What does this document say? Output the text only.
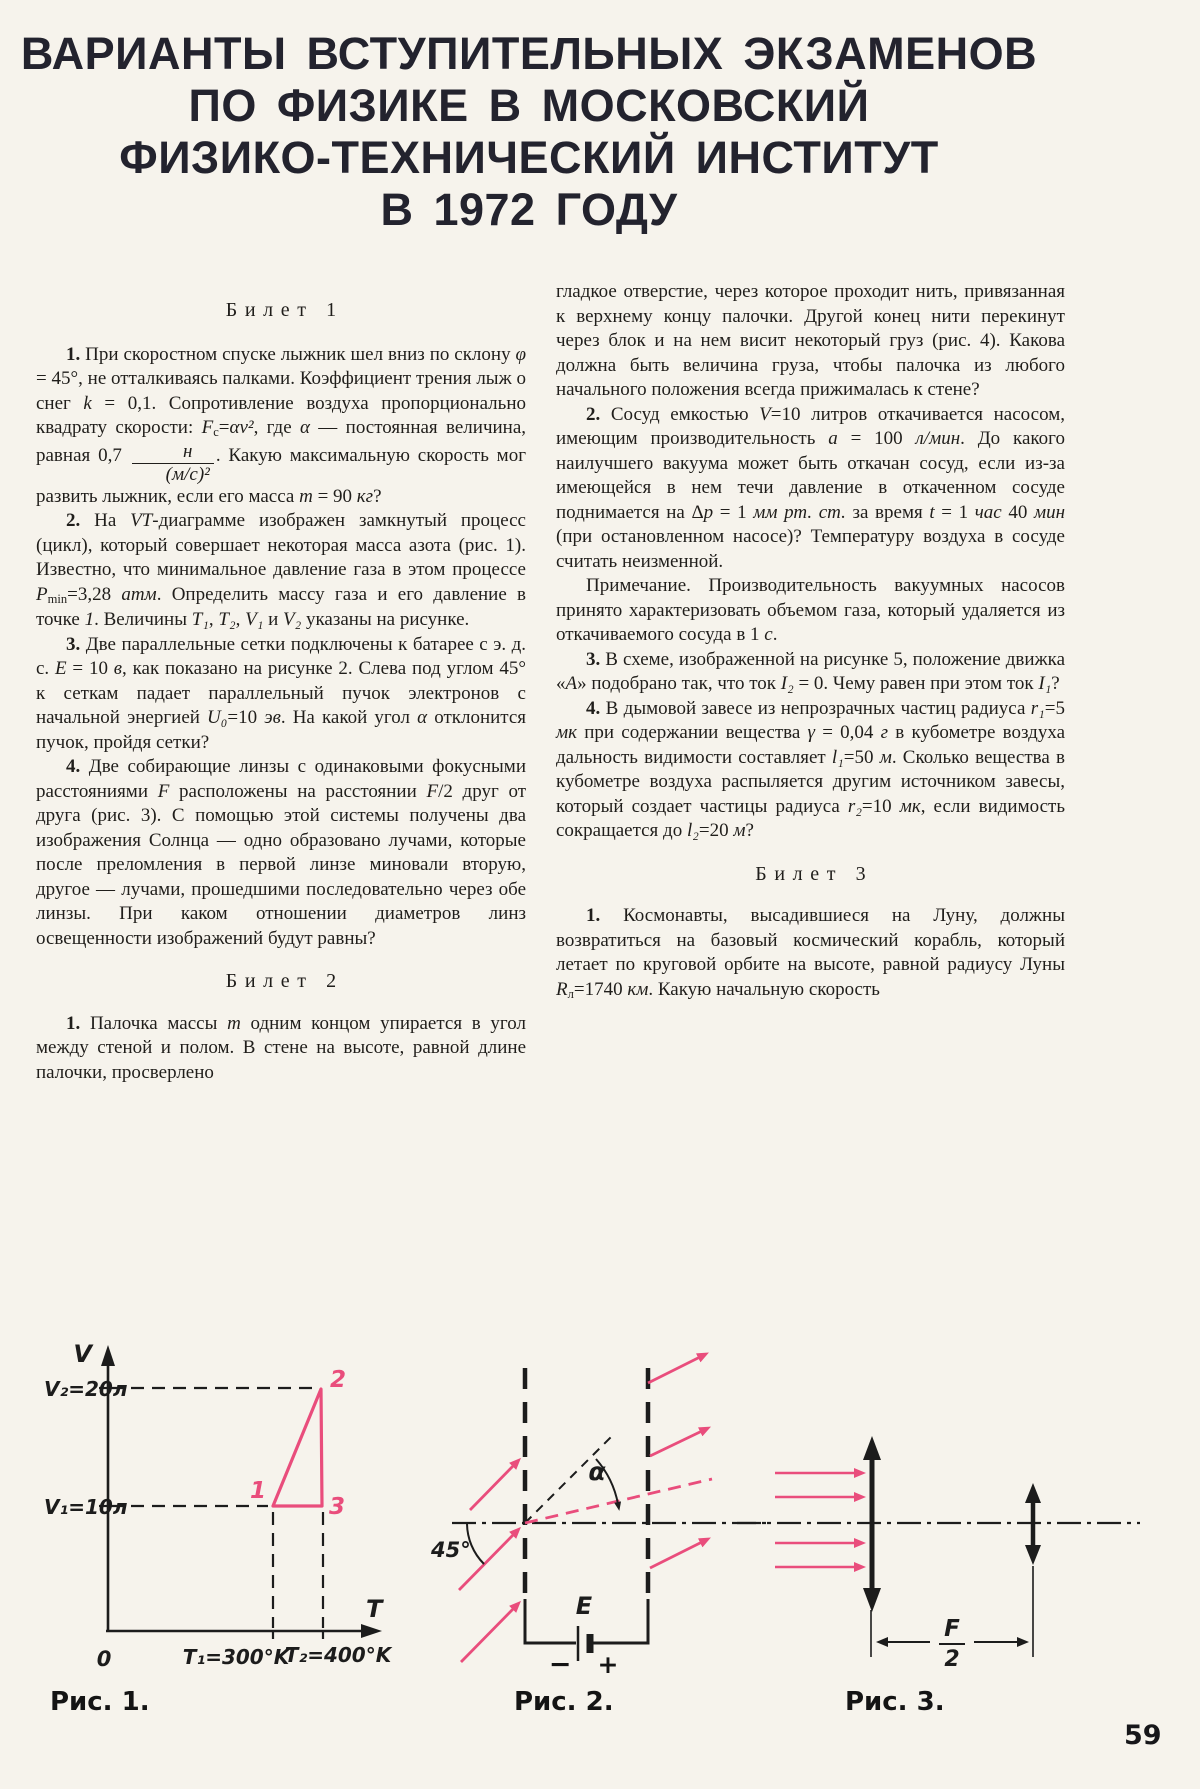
ВАРИАНТЫ ВСТУПИТЕЛЬНЫХ ЭКЗАМЕНОВ
ПО ФИЗИКЕ В МОСКОВСКИЙ
ФИЗИКО-ТЕХНИЧЕСКИЙ ИНСТИТУТ
В 1972 ГОДУ
Билет 1

1. При скоростном спуске лыжник шел вниз по склону φ = 45°, не отталкиваясь палками. Коэффициент трения лыж о снег k = 0,1. Сопротивление воздуха пропорционально квадрату скорости: Fс=αv², где α — постоянная величина, равная $0,7 \frac{н}{\text{(м/с)²}}$ . Какую максимальную скорость мог развить лыжник, если его масса m = 90 кг?

2. На VT-диаграмме изображен замкнутый процесс (цикл), который совершает некоторая масса азота (рис. 1). Известно, что минимальное давление газа в этом процессе Pmin=3,28 атм. Определить массу газа и его давление в точке 1. Величины T₁, T₂, V₁ и V₂ указаны на рисунке.

3. Две параллельные сетки подключены к батарее с э. д. с. E = 10 в, как показано на рисунке 2. Слева под углом 45° к сеткам падает параллельный пучок электронов с начальной энергией U₀=10 эв. На какой угол α отклонится пучок, пройдя сетки?

4. Две собирающие линзы с одинаковыми фокусными расстояниями F расположены на расстоянии F/2 друг от друга (рис. 3). С помощью этой системы получены два изображения Солнца — одно образовано лучами, которые после преломления в первой линзе миновали вторую, другое — лучами, прошедшими последовательно через обе линзы. При каком отношении диаметров линз освещенности изображений будут равны?

Билет 2

1. Палочка массы m одним концом упирается в угол между стеной и полом. В стене на высоте, равной длине палочки, просверлено

гладкое отверстие, через которое проходит нить, привязанная к верхнему концу палочки. Другой конец нити перекинут через блок и на нем висит некоторый груз (рис. 4). Какова должна быть величина груза, чтобы палочка из любого начального положения всегда прижималась к стене?

2. Сосуд емкостью V=10 литров откачивается насосом, имеющим производительность a = 100 л/мин. До какого наилучшего вакуума может быть откачан сосуд, если из-за имеющейся в нем течи давление в откаченном сосуде поднимается на Δp = 1 мм рт. ст. за время t = 1 час 40 мин (при остановленном насосе)? Температуру воздуха в сосуде считать неизменной.

Примечание. Производительность вакуумных насосов принято характеризовать объемом газа, который удаляется из откачиваемого сосуда в 1 с.

3. В схеме, изображенной на рисунке 5, положение движка «А» подобрано так, что ток I₂ = 0. Чему равен при этом ток I₁?

4. В дымовой завесе из непрозрачных частиц радиуса r₁=5 мк при содержании вещества γ = 0,04 г в кубометре воздуха дальность видимости составляет l₁=50 м. Сколько вещества в кубометре воздуха распыляется другим источником завесы, который создает частицы радиуса r₂=10 мк, если видимость сокращается до l₂=20 м?

Билет 3

1. Космонавты, высадившиеся на Луну, должны возвратиться на базовый космический корабль, который летает по круговой орбите на высоте, равной радиусу Луны Rл=1740 км. Какую начальную скорость

V
T
V₂=20л
V₁=10л
0	T₁=300°K
T₂=400°K
2
1
3
Рис. 1.
45°
α
E
− +
Рис. 2.
F
2
Рис. 3.
59
